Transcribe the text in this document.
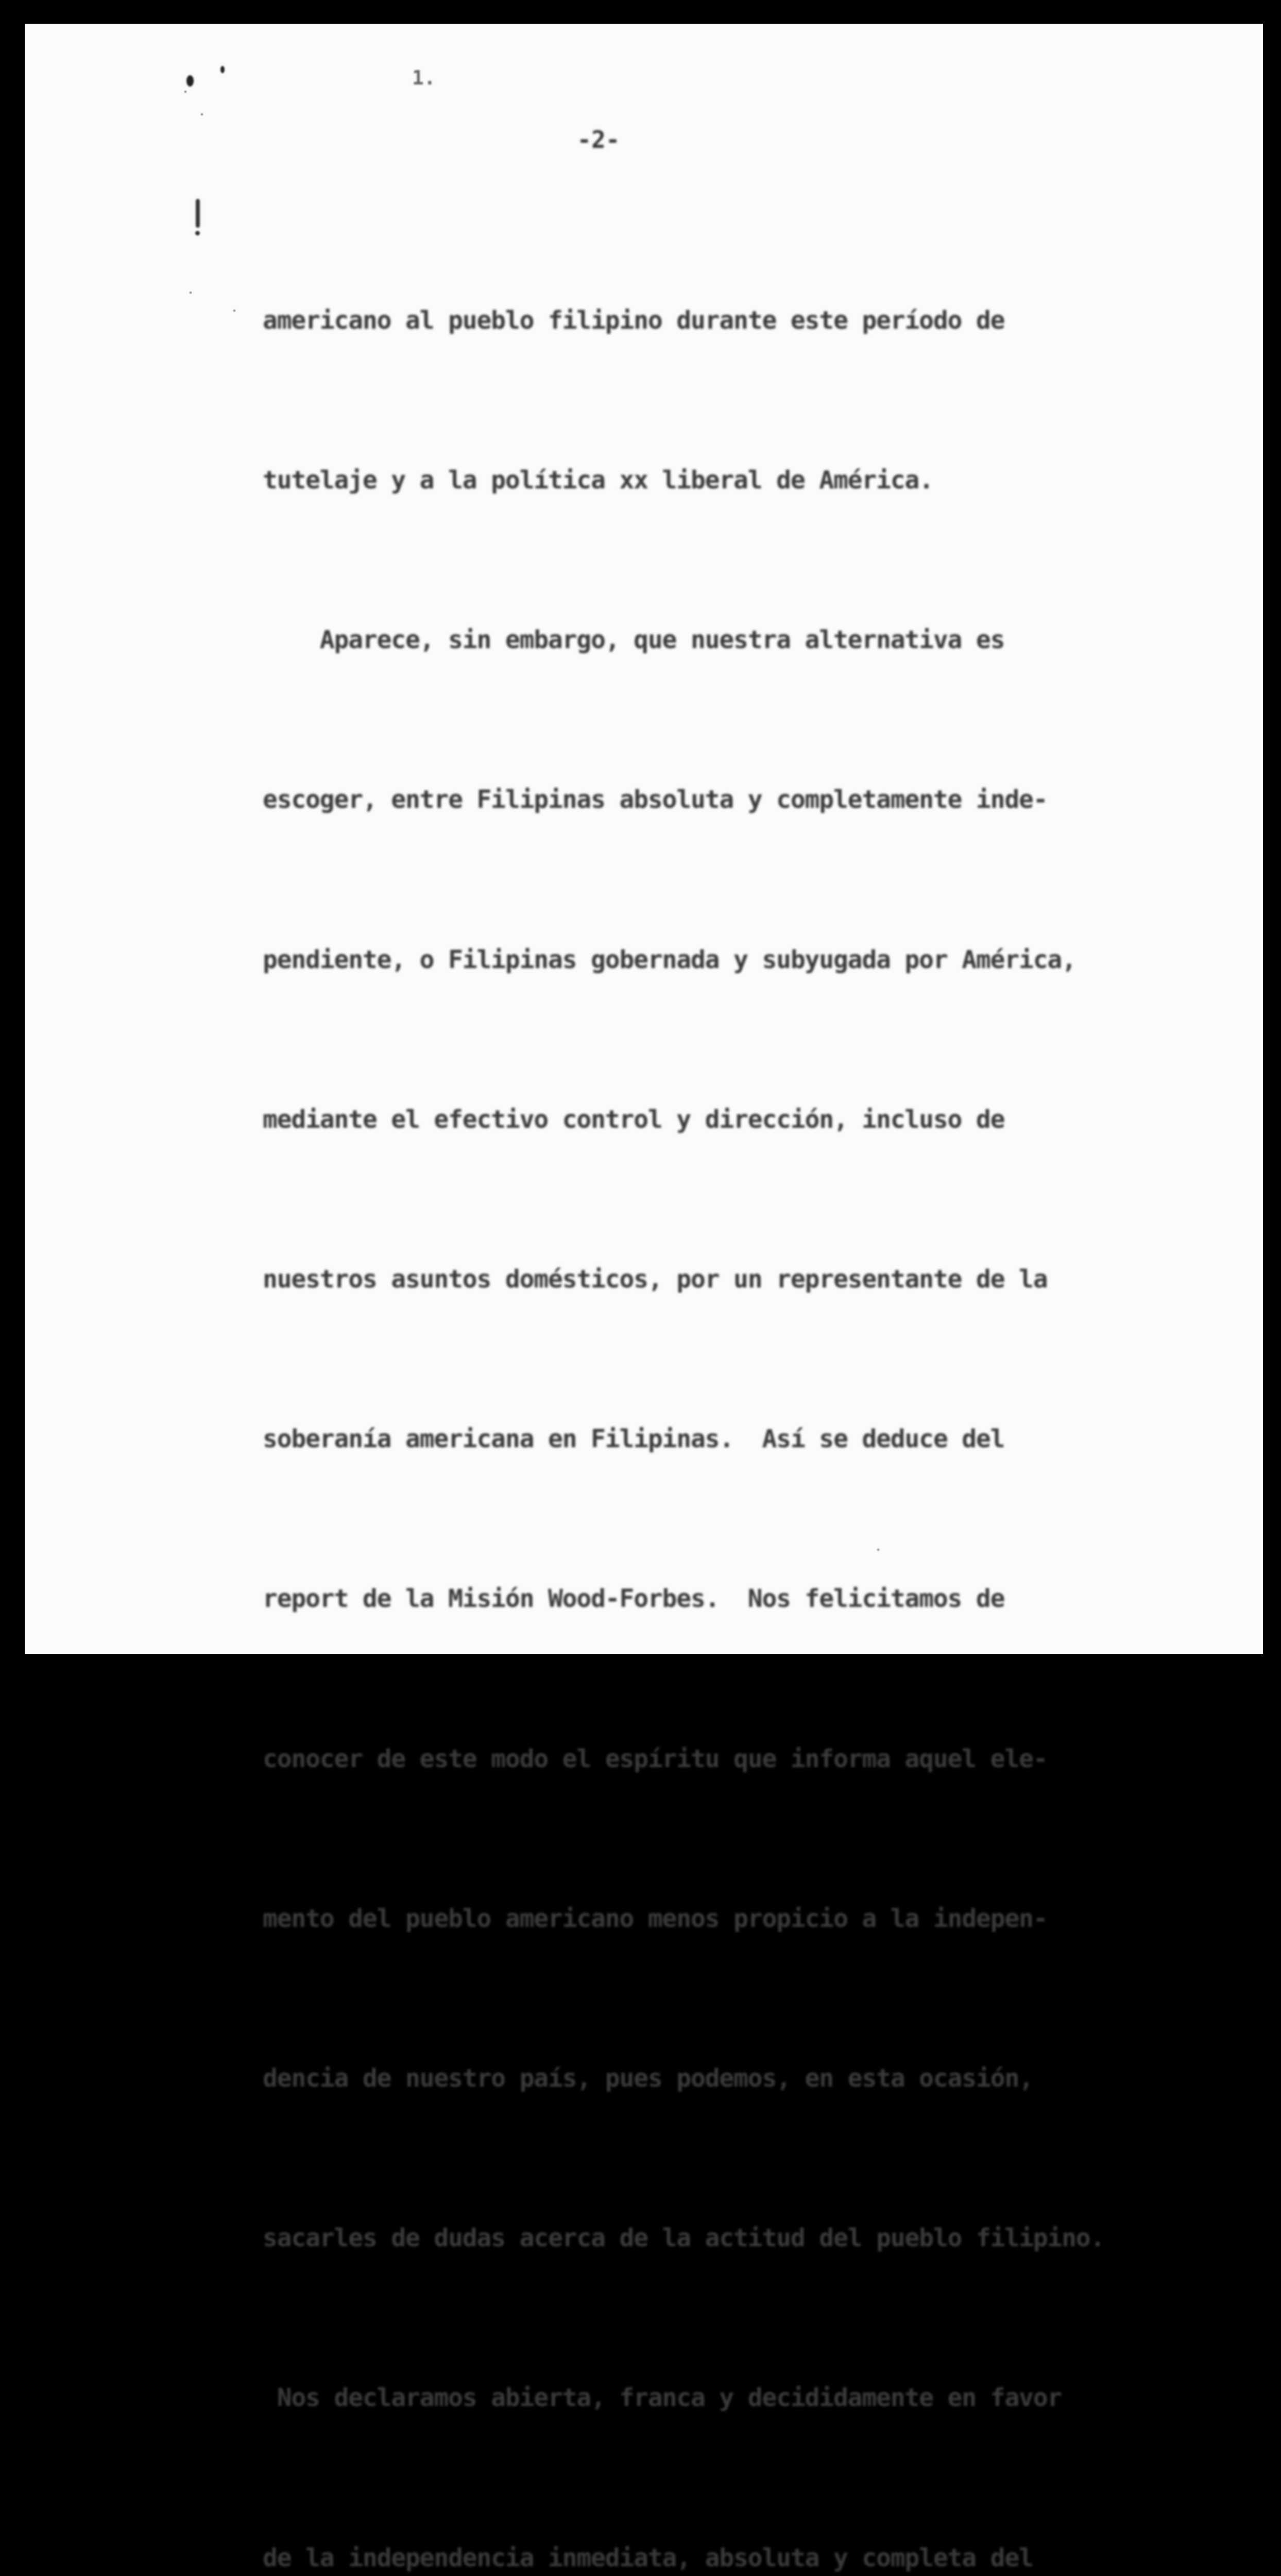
1.
-2-

americano al pueblo filipino durante este período de

tutelaje y a la política xx liberal de América.

Aparece, sin embargo, que nuestra alternativa es

escoger, entre Filipinas absoluta y completamente inde-

pendiente, o Filipinas gobernada y subyugada por América,

mediante el efectivo control y dirección, incluso de

nuestros asuntos domésticos, por un representante de la

soberanía americana en Filipinas.  Así se deduce del

report de la Misión Wood-Forbes.  Nos felicitamos de

conocer de este modo el espíritu que informa aquel ele-

mento del pueblo americano menos propicio a la indepen-

dencia de nuestro país, pues podemos, en esta ocasión,

sacarles de dudas acerca de la actitud del pueblo filipino.

Nos declaramos abierta, franca y decididamente en favor

de la independencia inmediata, absoluta y completa del
